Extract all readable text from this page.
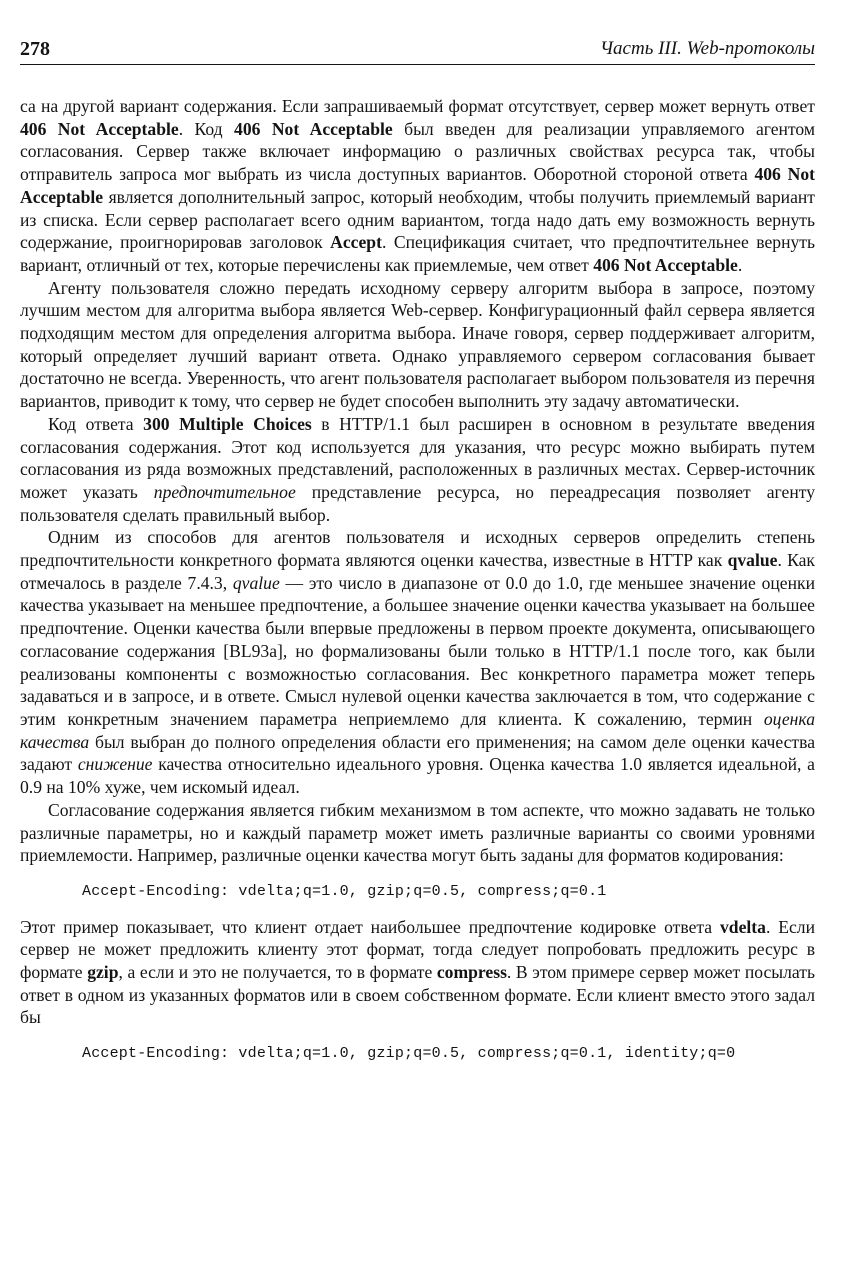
278	Часть III. Web-протоколы

са на другой вариант содержания. Если запрашиваемый формат отсутствует, сервер может вернуть ответ 406 Not Acceptable. Код 406 Not Acceptable был введен для реализации управляемого агентом согласования. Сервер также включает информацию о различных свойствах ресурса так, чтобы отправитель запроса мог выбрать из числа доступных вариантов. Оборотной стороной ответа 406 Not Acceptable является дополнительный запрос, который необходим, чтобы получить приемлемый вариант из списка. Если сервер располагает всего одним вариантом, тогда надо дать ему возможность вернуть содержание, проигнорировав заголовок Accept. Спецификация считает, что предпочтительнее вернуть вариант, отличный от тех, которые перечислены как приемлемые, чем ответ 406 Not Acceptable.

Агенту пользователя сложно передать исходному серверу алгоритм выбора в запросе, поэтому лучшим местом для алгоритма выбора является Web-сервер. Конфигурационный файл сервера является подходящим местом для определения алгоритма выбора. Иначе говоря, сервер поддерживает алгоритм, который определяет лучший вариант ответа. Однако управляемого сервером согласования бывает достаточно не всегда. Уверенность, что агент пользователя располагает выбором пользователя из перечня вариантов, приводит к тому, что сервер не будет способен выполнить эту задачу автоматически.

Код ответа 300 Multiple Choices в HTTP/1.1 был расширен в основном в результате введения согласования содержания. Этот код используется для указания, что ресурс можно выбирать путем согласования из ряда возможных представлений, расположенных в различных местах. Сервер-источник может указать предпочтительное представление ресурса, но переадресация позволяет агенту пользователя сделать правильный выбор.

Одним из способов для агентов пользователя и исходных серверов определить степень предпочтительности конкретного формата являются оценки качества, известные в HTTP как qvalue. Как отмечалось в разделе 7.4.3, qvalue — это число в диапазоне от 0.0 до 1.0, где меньшее значение оценки качества указывает на меньшее предпочтение, а большее значение оценки качества указывает на большее предпочтение. Оценки качества были впервые предложены в первом проекте документа, описывающего согласование содержания [BL93a], но формализованы были только в HTTP/1.1 после того, как были реализованы компоненты с возможностью согласования. Вес конкретного параметра может теперь задаваться и в запросе, и в ответе. Смысл нулевой оценки качества заключается в том, что содержание с этим конкретным значением параметра неприемлемо для клиента. К сожалению, термин оценка качества был выбран до полного определения области его применения; на самом деле оценки качества задают снижение качества относительно идеального уровня. Оценка качества 1.0 является идеальной, а 0.9 на 10% хуже, чем искомый идеал.

Согласование содержания является гибким механизмом в том аспекте, что можно задавать не только различные параметры, но и каждый параметр может иметь различные варианты со своими уровнями приемлемости. Например, различные оценки качества могут быть заданы для форматов кодирования:

Accept-Encoding: vdelta;q=1.0, gzip;q=0.5, compress;q=0.1

Этот пример показывает, что клиент отдает наибольшее предпочтение кодировке ответа vdelta. Если сервер не может предложить клиенту этот формат, тогда следует попробовать предложить ресурс в формате gzip, а если и это не получается, то в формате compress. В этом примере сервер может посылать ответ в одном из указанных форматов или в своем собственном формате. Если клиент вместо этого задал бы

Accept-Encoding: vdelta;q=1.0, gzip;q=0.5, compress;q=0.1, identity;q=0
